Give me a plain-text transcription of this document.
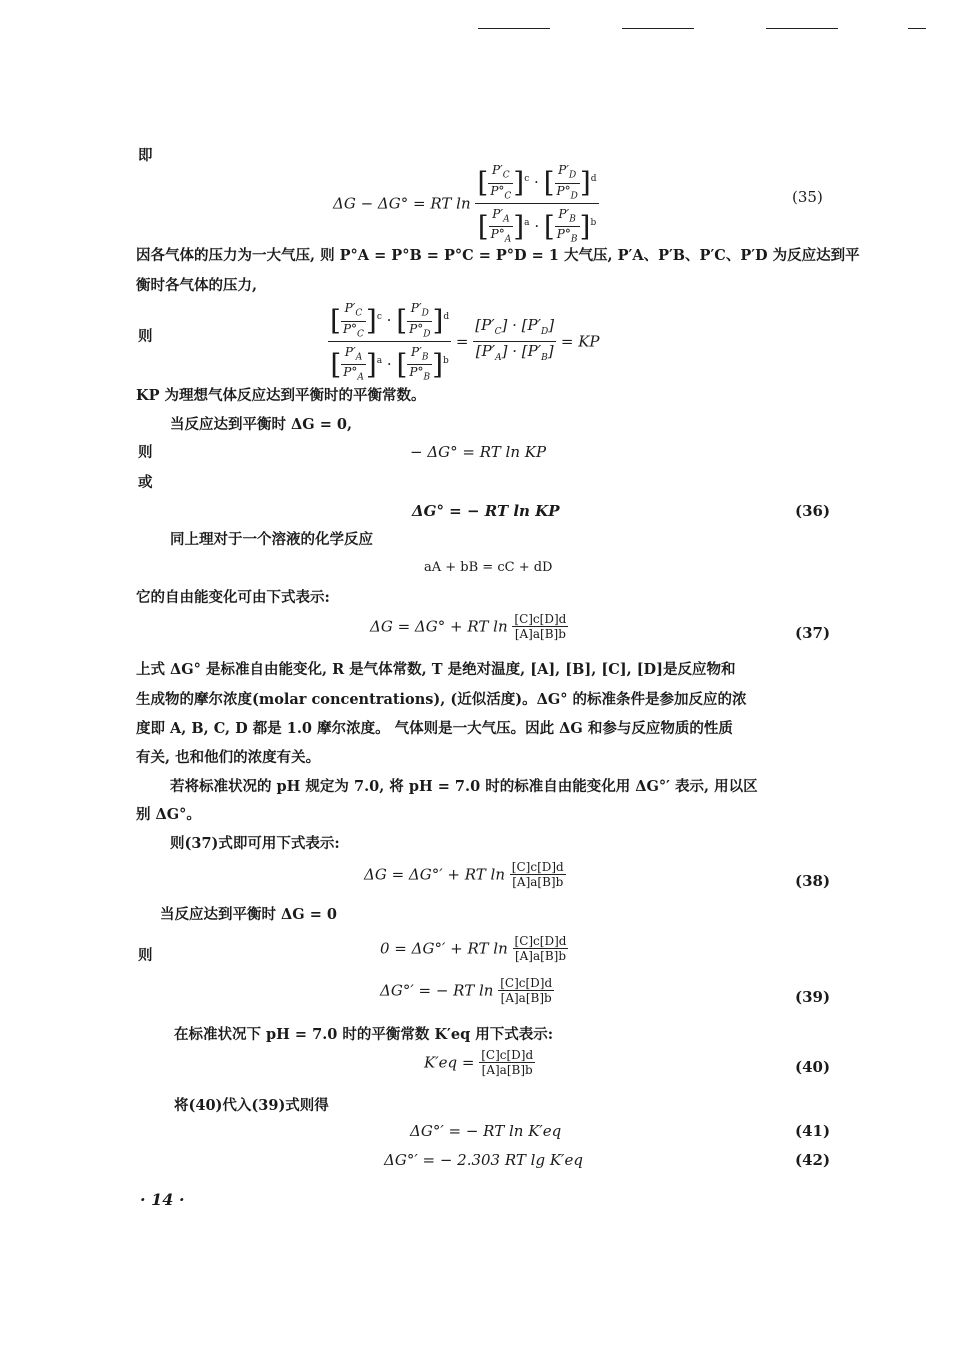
即
ΔG − ΔG° = RT $\ln \frac{[ \frac{P'_C}{P^\circ_C} ]^c \cdot [ \frac{P'_D}{P^\circ_D} ]^d}{[ \frac{P'_A}{P^\circ_A} ]^a \cdot [ \frac{P'_B}{P^\circ_B} ]^b}$	(35)
因各气体的压力为一大气压, 则 P°A = P°B = P°C = P°D = 1 大气压, P′A、P′B、P′C、P′D 为反应达到平
衡时各气体的压力,
则	$\frac{[ \frac{P'_C}{P^\circ_C} ]^c \cdot [ \frac{P'_D}{P^\circ_D} ]^d}{[ \frac{P'_A}{P^\circ_A} ]^a \cdot [ \frac{P'_B}{P^\circ_B} ]^b} = \frac{[P'_C] \cdot [P'_D]}{[P'_A] \cdot [P'_B]}$ = KP
KP 为理想气体反应达到平衡时的平衡常数。
当反应达到平衡时 ΔG = 0,
则	− ΔG° = RT ln KP
或
ΔG° = − RT ln KP	(36)
同上理对于一个溶液的化学反应
aA + bB = cC + dD
它的自由能变化可由下式表示:
ΔG = ΔG° + RT $\ln \frac{[C]c[D]d}{[A]a[B]b}$	(37)
上式 ΔG° 是标准自由能变化, R 是气体常数, T 是绝对温度, [A], [B], [C], [D]是反应物和
生成物的摩尔浓度(molar concentrations), (近似活度)。ΔG° 的标准条件是参加反应的浓
度即 A, B, C, D 都是 1.0 摩尔浓度。 气体则是一大气压。因此 ΔG 和参与反应物质的性质
有关, 也和他们的浓度有关。
若将标准状况的 pH 规定为 7.0, 将 pH = 7.0 时的标准自由能变化用 ΔG°′ 表示, 用以区
别 ΔG°。
则(37)式即可用下式表示:
ΔG = ΔG°′ + RT $\ln \frac{[C]c[D]d}{[A]a[B]b}$	(38)
当反应达到平衡时 ΔG = 0
则	0 = ΔG°′ + RT $\ln \frac{[C]c[D]d}{[A]a[B]b}$
ΔG°′ = − RT $\ln \frac{[C]c[D]d}{[A]a[B]b}$	(39)
在标准状况下 pH = 7.0 时的平衡常数 K′eq 用下式表示:
$K'eq = \frac{[C]c[D]d}{[A]a[B]b}$	(40)
将(40)代入(39)式则得
ΔG°′ = − RT ln K′eq	(41)
ΔG°′ = − 2.303 RT lg K′eq	(42)
· 14 ·
